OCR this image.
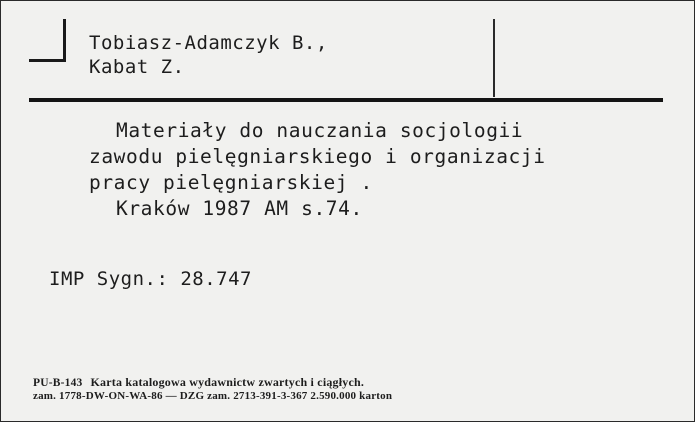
Tobiasz-Adamczyk B.,
Kabat Z.
Materiały do nauczania socjologii
zawodu pielęgniarskiego i organizacji
pracy pielęgniarskiej .
Kraków 1987 AM s.74.
IMP Sygn.: 28.747
PU-B-143 Karta katalogowa wydawnictw zwartych i ciągłych.
zam. 1778-DW-ON-WA-86 — DZG zam. 2713-391-3-367 2.590.000 karton
